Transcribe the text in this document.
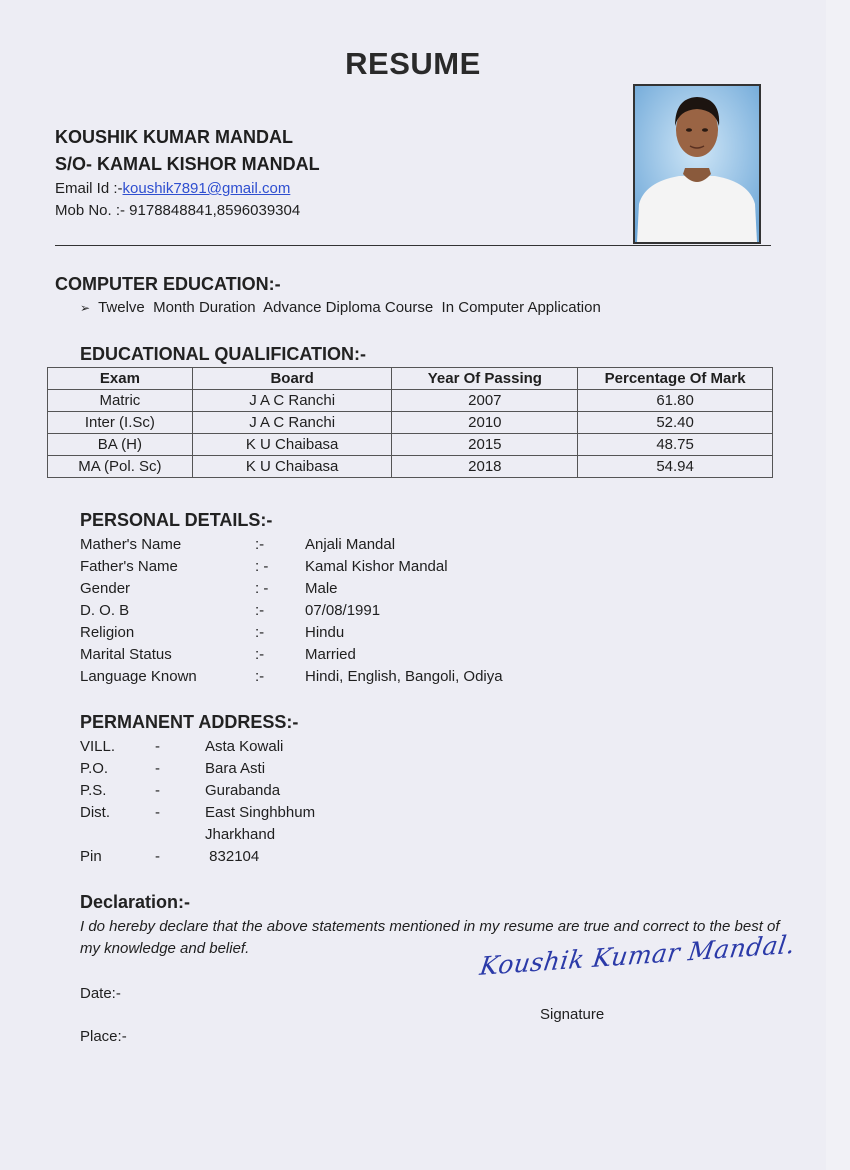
RESUME
KOUSHIK KUMAR MANDAL
S/O- KAMAL KISHOR MANDAL
Email Id :-koushik7891@gmail.com
Mob No. :- 9178848841,8596039304
COMPUTER EDUCATION:-
➢ Twelve  Month Duration  Advance Diploma Course  In Computer Application
EDUCATIONAL QUALIFICATION:-
Exam	Board	Year Of Passing	Percentage Of Mark
Matric	J A C Ranchi	2007	61.80
Inter (I.Sc)	J A C Ranchi	2010	52.40
BA (H)	K U Chaibasa	2015	48.75
MA (Pol. Sc)	K U Chaibasa	2018	54.94
PERSONAL DETAILS:-
Mather's Name	:-	Anjali Mandal
Father's Name	: - Kamal Kishor Mandal
Gender	: - Male
D. O. B	:-	07/08/1991
Religion	:-	Hindu
Marital Status	:-	Married
Language Known	:-	Hindi, English, Bangoli, Odiya
PERMANENT ADDRESS:-
VILL.	-	Asta Kowali
P.O.	-	Bara Asti
P.S.	-	Gurabanda
Dist.	-	East Singhbhum
Jharkhand
Pin	-	832104
Declaration:-
I do hereby declare that the above statements mentioned in my resume are true and correct to the best of my knowledge and belief.
Date:-
Place:-
Koushik Kumar Mandal.
Signature
